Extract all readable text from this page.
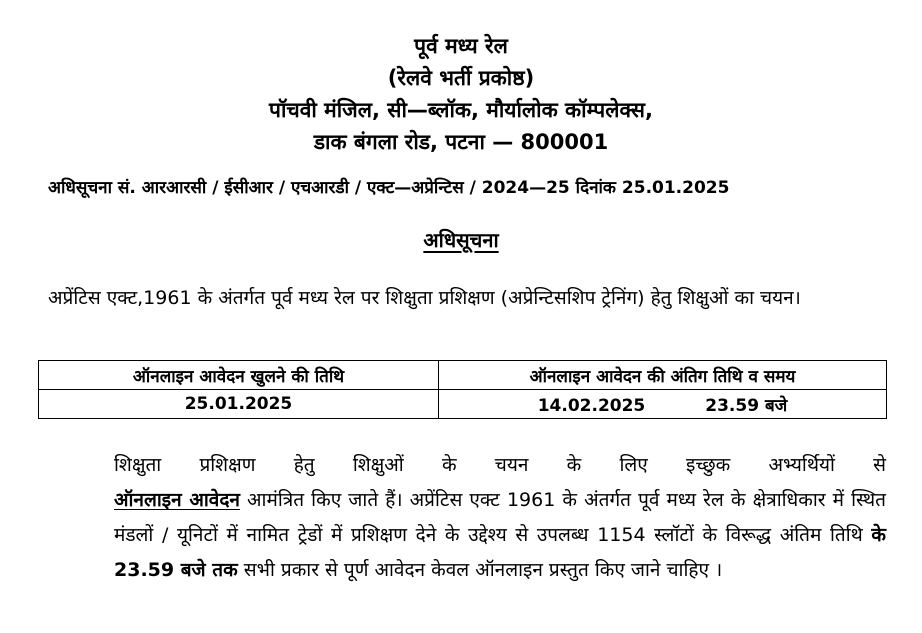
पूर्व मध्य रेल
(रेलवे भर्ती प्रकोष्ठ)
पॉचवी मंजिल, सी—ब्लॉक, मौर्यालोक कॉम्पलेक्स,
डाक बंगला रोड, पटना — 800001
अधिसूचना सं. आरआरसी / ईसीआर / एचआरडी / एक्ट—अप्रेन्टिस / 2024—25 दिनांक 25.01.2025
अधिसूचना
अप्रेंटिस एक्ट,1961 के अंतर्गत पूर्व मध्य रेल पर शिक्षुता प्रशिक्षण (अप्रेन्टिसशिप ट्रेनिंग) हेतु शिक्षुओं का चयन।
ऑनलाइन आवेदन खुलने की तिथि	ऑनलाइन आवेदन की अंतिग तिथि व समय
25.01.2025	14.02.2025 23.59 बजे
शिक्षुता प्रशिक्षण हेतु शिक्षुओं के चयन के लिए इच्छुक अभ्यर्थियों से
ऑनलाइन आवेदन आमंत्रित किए जाते हैं। अप्रेंटिस एक्ट 1961 के अंतर्गत पूर्व मध्य रेल के क्षेत्राधिकार में स्थित मंडलों / यूनिटों में नामित ट्रेडों में प्रशिक्षण देने के उद्देश्य से उपलब्ध 1154 स्लॉटों के विरूद्ध अंतिम तिथि के 23.59 बजे तक सभी प्रकार से पूर्ण आवेदन केवल ऑनलाइन प्रस्तुत किए जाने चाहिए ।
